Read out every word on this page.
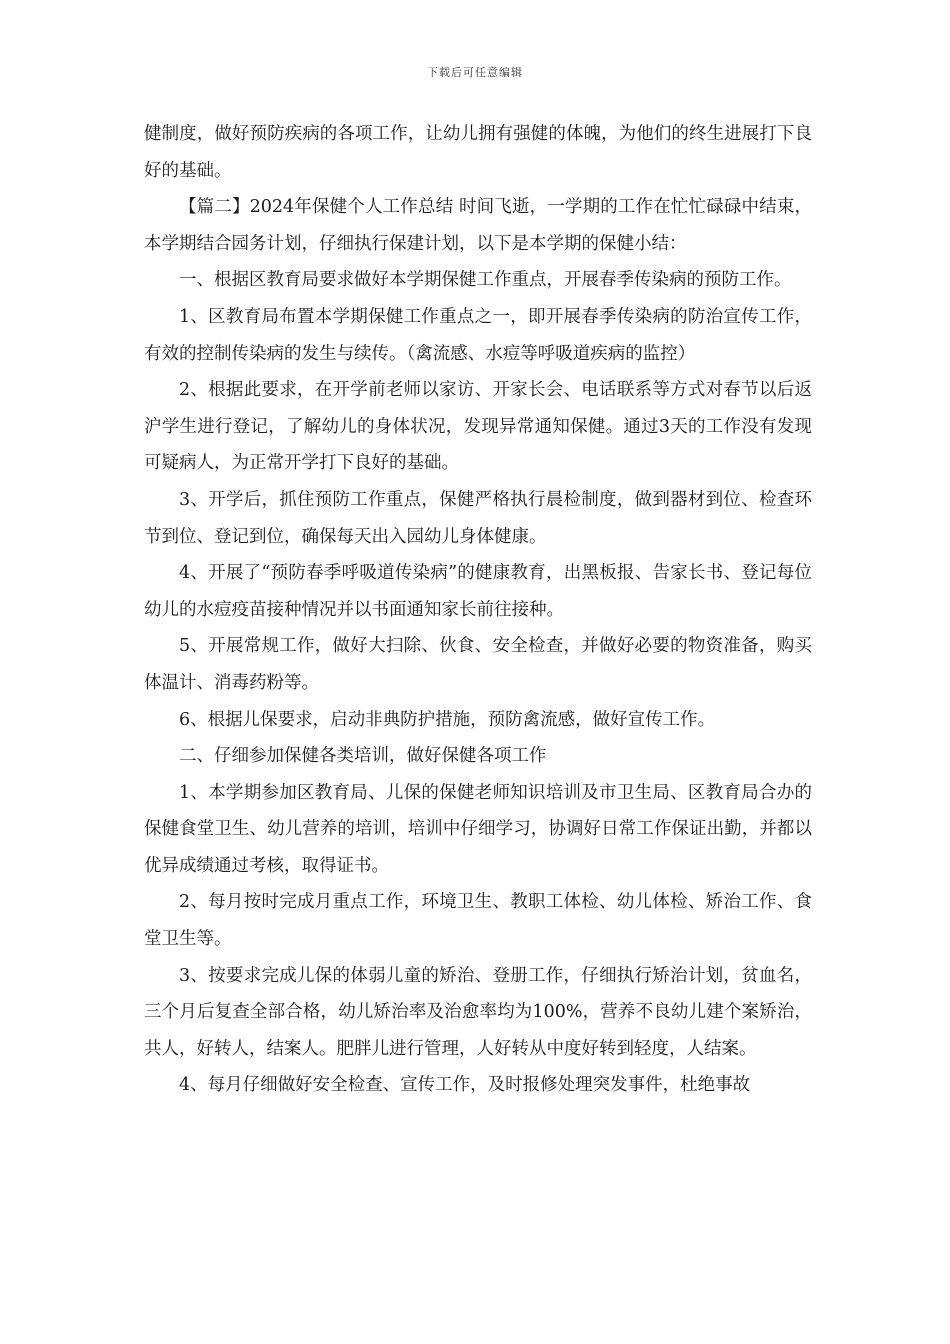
下载后可任意编辑

健制度，做好预防疾病的各项工作，让幼儿拥有强健的体魄，为他们的终生进展打下良好的基础。

【篇二】2024年保健个人工作总结 时间飞逝，一学期的工作在忙忙碌碌中结束，本学期结合园务计划，仔细执行保建计划，以下是本学期的保健小结：

一、根据区教育局要求做好本学期保健工作重点，开展春季传染病的预防工作。

1、区教育局布置本学期保健工作重点之一，即开展春季传染病的防治宣传工作，有效的控制传染病的发生与续传。（禽流感、水痘等呼吸道疾病的监控）

2、根据此要求，在开学前老师以家访、开家长会、电话联系等方式对春节以后返沪学生进行登记，了解幼儿的身体状况，发现异常通知保健。通过3天的工作没有发现可疑病人，为正常开学打下良好的基础。

3、开学后，抓住预防工作重点，保健严格执行晨检制度，做到器材到位、检查环节到位、登记到位，确保每天出入园幼儿身体健康。

4、开展了“预防春季呼吸道传染病”的健康教育，出黑板报、告家长书、登记每位幼儿的水痘疫苗接种情况并以书面通知家长前往接种。

5、开展常规工作，做好大扫除、伙食、安全检查，并做好必要的物资准备，购买体温计、消毒药粉等。

6、根据儿保要求，启动非典防护措施，预防禽流感，做好宣传工作。

二、仔细参加保健各类培训，做好保健各项工作

1、本学期参加区教育局、儿保的保健老师知识培训及市卫生局、区教育局合办的保健食堂卫生、幼儿营养的培训，培训中仔细学习，协调好日常工作保证出勤，并都以优异成绩通过考核，取得证书。

2、每月按时完成月重点工作，环境卫生、教职工体检、幼儿体检、矫治工作、食堂卫生等。

3、按要求完成儿保的体弱儿童的矫治、登册工作，仔细执行矫治计划，贫血名，三个月后复查全部合格，幼儿矫治率及治愈率均为100%，营养不良幼儿建个案矫治，共人，好转人，结案人。肥胖儿进行管理，人好转从中度好转到轻度，人结案。

4、每月仔细做好安全检查、宣传工作，及时报修处理突发事件，杜绝事故
